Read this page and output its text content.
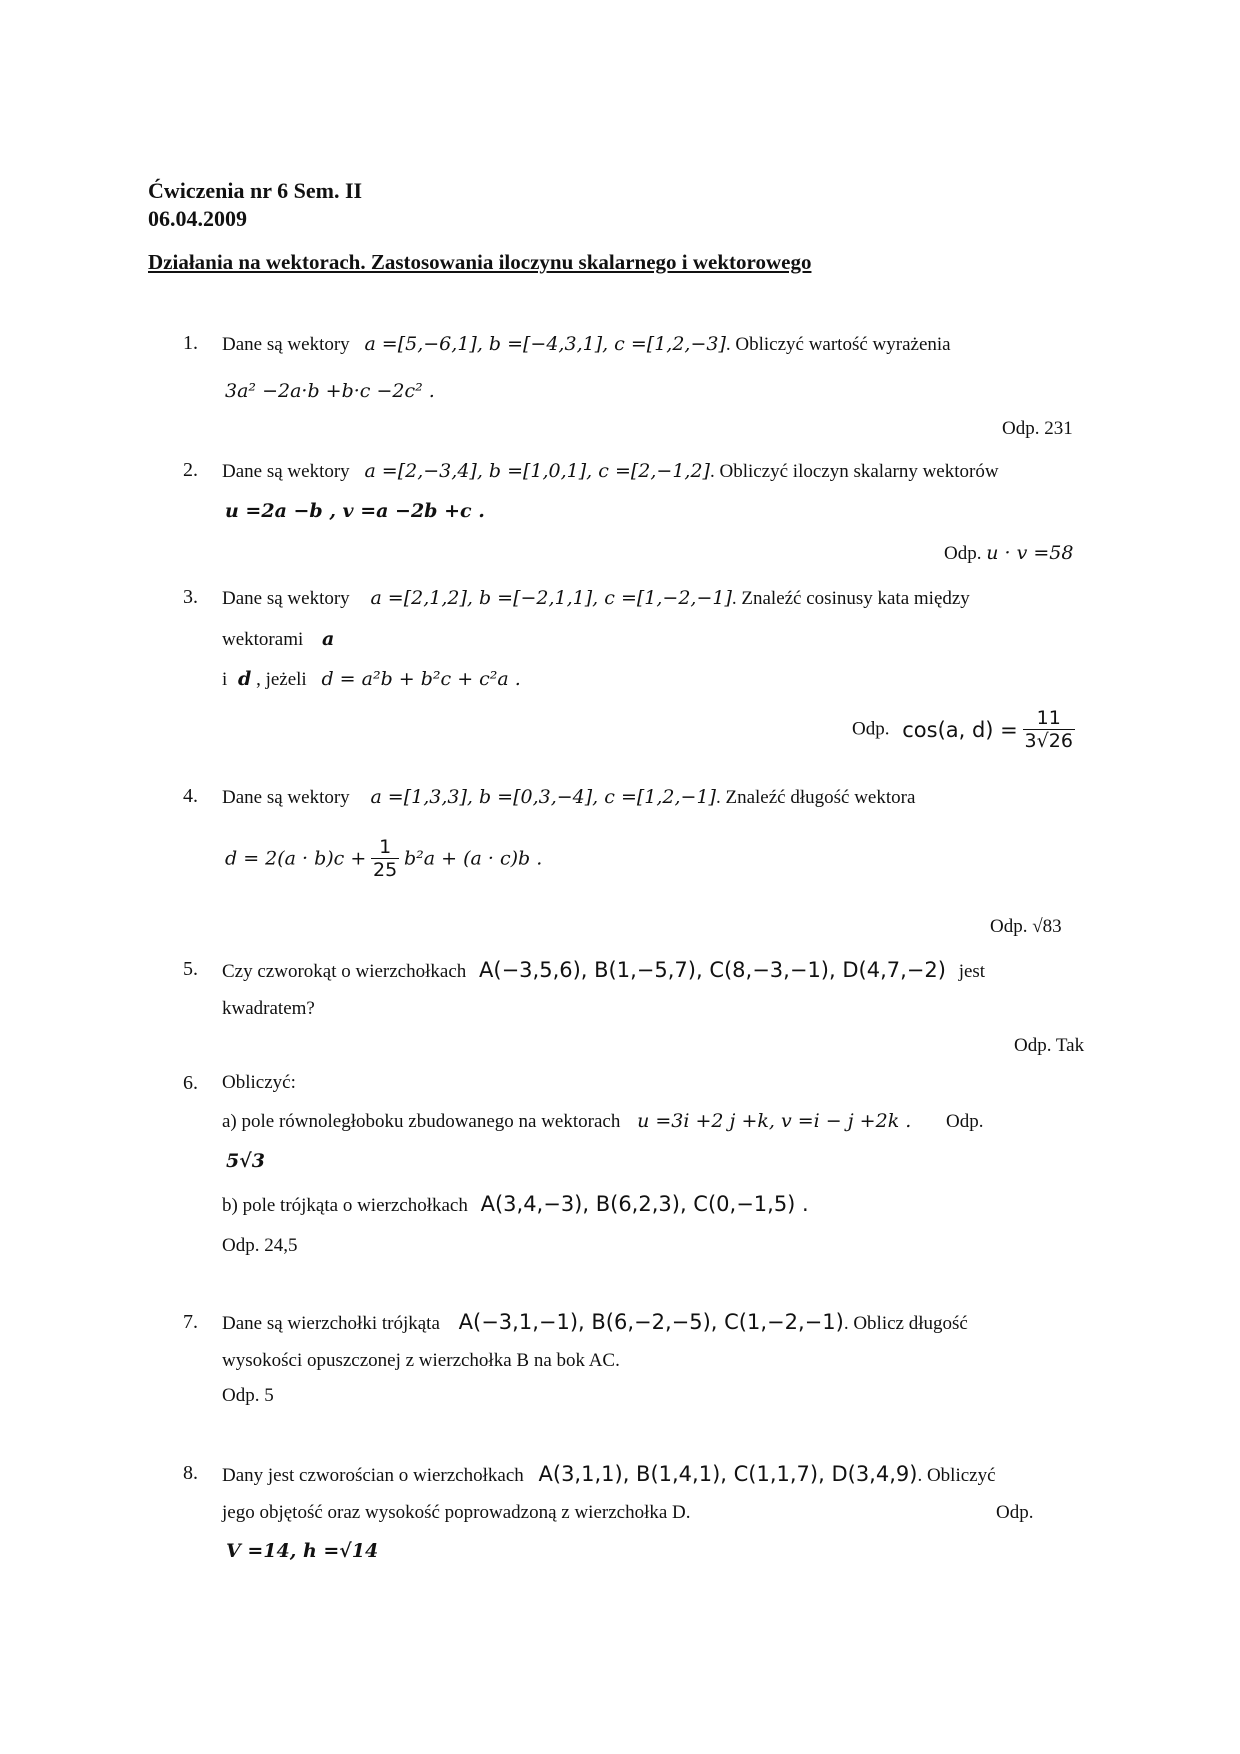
Ćwiczenia nr 6 Sem. II
06.04.2009
Działania na wektorach. Zastosowania iloczynu skalarnego i wektorowego
1. Dane są wektory a =[5,−6,1], b =[−4,3,1], c =[1,2,−3]. Obliczyć wartość wyrażenia
3a² −2a·b +b·c −2c² .
Odp. 231
2. Dane są wektory a =[2,−3,4], b =[1,0,1], c =[2,−1,2]. Obliczyć iloczyn skalarny wektorów
u =2a −b , v =a −2b +c .
Odp. u · v =58
3. Dane są wektory a =[2,1,2], b =[−2,1,1], c =[1,−2,−1]. Znaleźć cosinusy kata między
wektorami a
i d , jeżeli d = a²b + b²c + c²a .
Odp. cos(a, $d) = \frac{11}{3√26}$
4. Dane są wektory a =[1,3,3], b =[0,3,−4], c =[1,2,−1]. Znaleźć długość wektora
$d = 2(a \cdot b)c + \frac{1}{25} b^2a + (a \cdot c)b$ .
Odp. √83
5. Czy czworokąt o wierzchołkach A(−3,5,6), B(1,−5,7), C(8,−3,−1), D(4,7,−2) jest
kwadratem?
Odp. Tak
6. Obliczyć:
a) pole równoległoboku zbudowanego na wektorach u =3i +2 j +k, v =i − j +2k . Odp.
5√3
b) pole trójkąta o wierzchołkach A(3,4,−3), B(6,2,3), C(0,−1,5) .
Odp. 24,5
7. Dane są wierzchołki trójkąta A(−3,1,−1), B(6,−2,−5), C(1,−2,−1). Oblicz długość
wysokości opuszczonej z wierzchołka B na bok AC.
Odp. 5
8. Dany jest czworościan o wierzchołkach A(3,1,1), B(1,4,1), C(1,1,7), D(3,4,9). Obliczyć
jego objętość oraz wysokość poprowadzoną z wierzchołka D.	Odp.
V =14, h =√14
